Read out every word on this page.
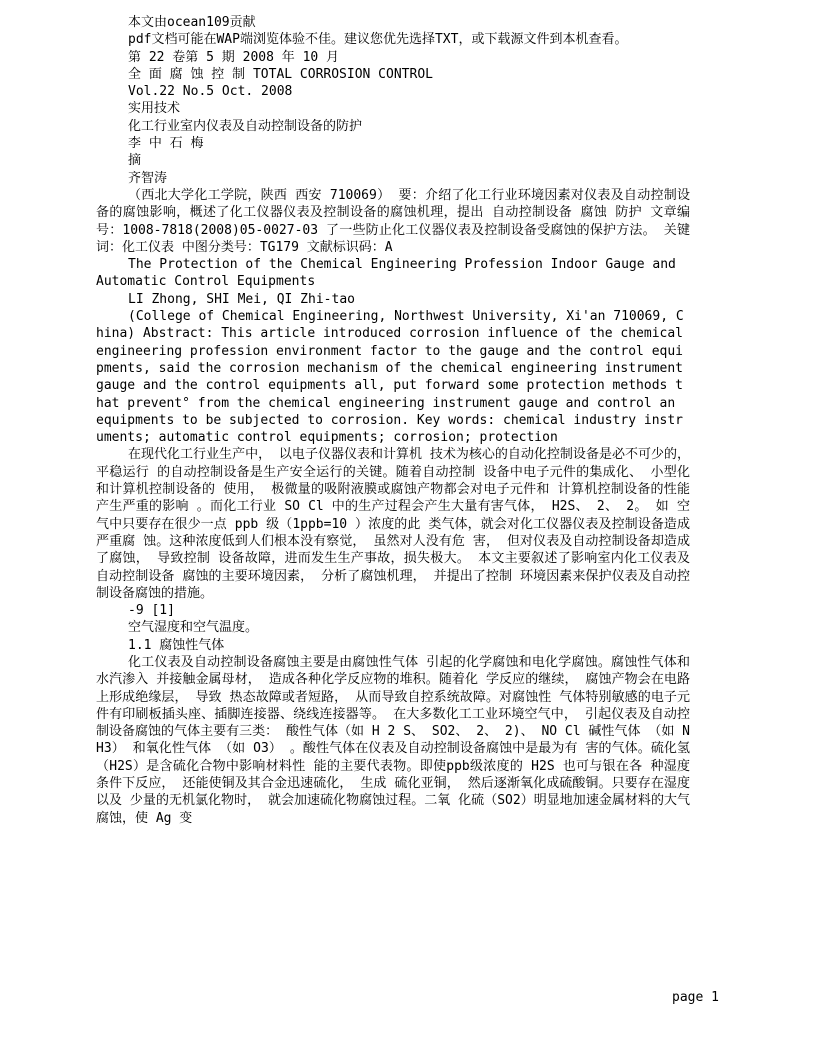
本文由ocean109贡献
pdf文档可能在WAP端浏览体验不佳。建议您优先选择TXT，或下载源文件到本机查看。
第 22 卷第 5 期 2008 年 10 月
全 面 腐 蚀 控 制 TOTAL CORROSION CONTROL
Vol.22 No.5 Oct. 2008
实用技术
化工行业室内仪表及自动控制设备的防护
李 中 石 梅
摘
齐智涛
（西北大学化工学院，陕西 西安 710069） 要：介绍了化工行业环境因素对仪表及自动控制设备的腐蚀影响，概述了化工仪器仪表及控制设备的腐蚀机理，提出 自动控制设备 腐蚀 防护 文章编号：1008-7818(2008)05-0027-03 了一些防止化工仪器仪表及控制设备受腐蚀的保护方法。 关键词：化工仪表 中图分类号：TG179 文献标识码：A
The Protection of the Chemical Engineering Profession Indoor Gauge and Automatic Control Equipments
LI Zhong, SHI Mei, QI Zhi-tao
(College of Chemical Engineering, Northwest University, Xi'an 710069, China) Abstract: This article introduced corrosion influence of the chemical engineering profession environment factor to the gauge and the control equipments, said the corrosion mechanism of the chemical engineering instrument gauge and the control equipments all, put forward some protection methods that prevent° from the chemical engineering instrument gauge and control an equipments to be subjected to corrosion. Key words: chemical industry instruments; automatic control equipments; corrosion; protection
在现代化工行业生产中， 以电子仪器仪表和计算机 技术为核心的自动化控制设备是必不可少的， 平稳运行 的自动控制设备是生产安全运行的关键。随着自动控制 设备中电子元件的集成化、 小型化和计算机控制设备的 使用， 极微量的吸附液膜或腐蚀产物都会对电子元件和 计算机控制设备的性能产生严重的影响 。而化工行业 SO Cl 中的生产过程会产生大量有害气体， H2S、 2、 2。 如 空气中只要存在很少一点 ppb 级（1ppb=10 ）浓度的此 类气体，就会对化工仪器仪表及控制设备造成严重腐 蚀。这种浓度低到人们根本没有察觉， 虽然对人没有危 害， 但对仪表及自动控制设备却造成了腐蚀， 导致控制 设备故障，进而发生生产事故，损失极大。 本文主要叙述了影响室内化工仪表及自动控制设备 腐蚀的主要环境因素， 分析了腐蚀机理， 并提出了控制 环境因素来保护仪表及自动控制设备腐蚀的措施。
-9 [1]
空气湿度和空气温度。
1.1 腐蚀性气体
化工仪表及自动控制设备腐蚀主要是由腐蚀性气体 引起的化学腐蚀和电化学腐蚀。腐蚀性气体和水汽渗入 并接触金属母材， 造成各种化学反应物的堆积。随着化 学反应的继续， 腐蚀产物会在电路上形成绝缘层， 导致 热态故障或者短路， 从而导致自控系统故障。对腐蚀性 气体特别敏感的电子元件有印刷板插头座、插脚连接器、绕线连接器等。 在大多数化工工业环境空气中， 引起仪表及自动控 制设备腐蚀的气体主要有三类： 酸性气体（如 H 2 S、 SO2、 2、 2)、 NO Cl 碱性气体 （如 NH3） 和氧化性气体 （如 O3） 。酸性气体在仪表及自动控制设备腐蚀中是最为有 害的气体。硫化氢（H2S）是含硫化合物中影响材料性 能的主要代表物。即使ppb级浓度的 H2S 也可与银在各 种湿度条件下反应， 还能使铜及其合金迅速硫化， 生成 硫化亚铜， 然后逐渐氧化成硫酸铜。只要存在湿度以及 少量的无机氯化物时， 就会加速硫化物腐蚀过程。二氧 化硫（SO2）明显地加速金属材料的大气腐蚀，使 Ag 变
page 1
